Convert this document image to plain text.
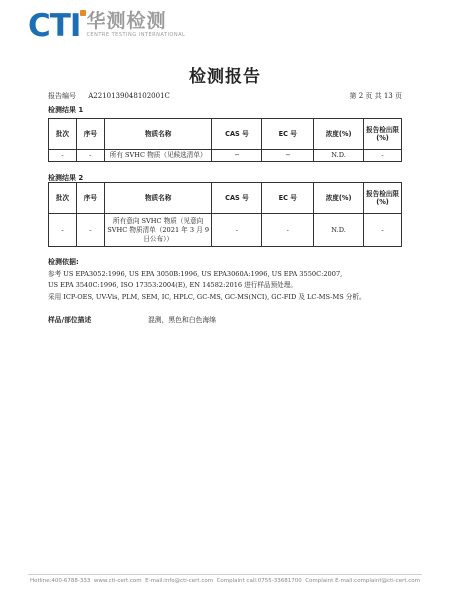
CTI 华测检测
CENTRE TESTING INTERNATIONAL
检测报告
报告编号 A2210139048102001C	第 2 页 共 13 页
检测结果 1
批次	序号	物质名称	CAS 号	EC 号	浓度(%)	报告检出限(%)
-	-	所有 SVHC 物质（见候选清单）	−	−	N.D.	-
检测结果 2
批次	序号	物质名称	CAS 号	EC 号	浓度(%)	报告检出限(%)
-	-	所有意向 SVHC 物质（见意向SVHC 物质清单（2021 年 3 月 9日公布））	-	-	N.D.	-
检测依据:
参考 US EPA3052:1996, US EPA 3050B:1996, US EPA3060A:1996, US EPA 3550C:2007,
US EPA 3540C:1996, ISO 17353:2004(E), EN 14582:2016 进行样品预处理。
采用 ICP-OES, UV-Vis, PLM, SEM, IC, HPLC, GC-MS, GC-MS(NCI), GC-FID 及 LC-MS-MS 分析。
样品/部位描述	混测，黑色和白色海绵
Hotline:400-6788-333 www.cti-cert.com E-mail:info@cti-cert.com Complaint call:0755-33681700 Complaint E-mail:complaint@cti-cert.com
